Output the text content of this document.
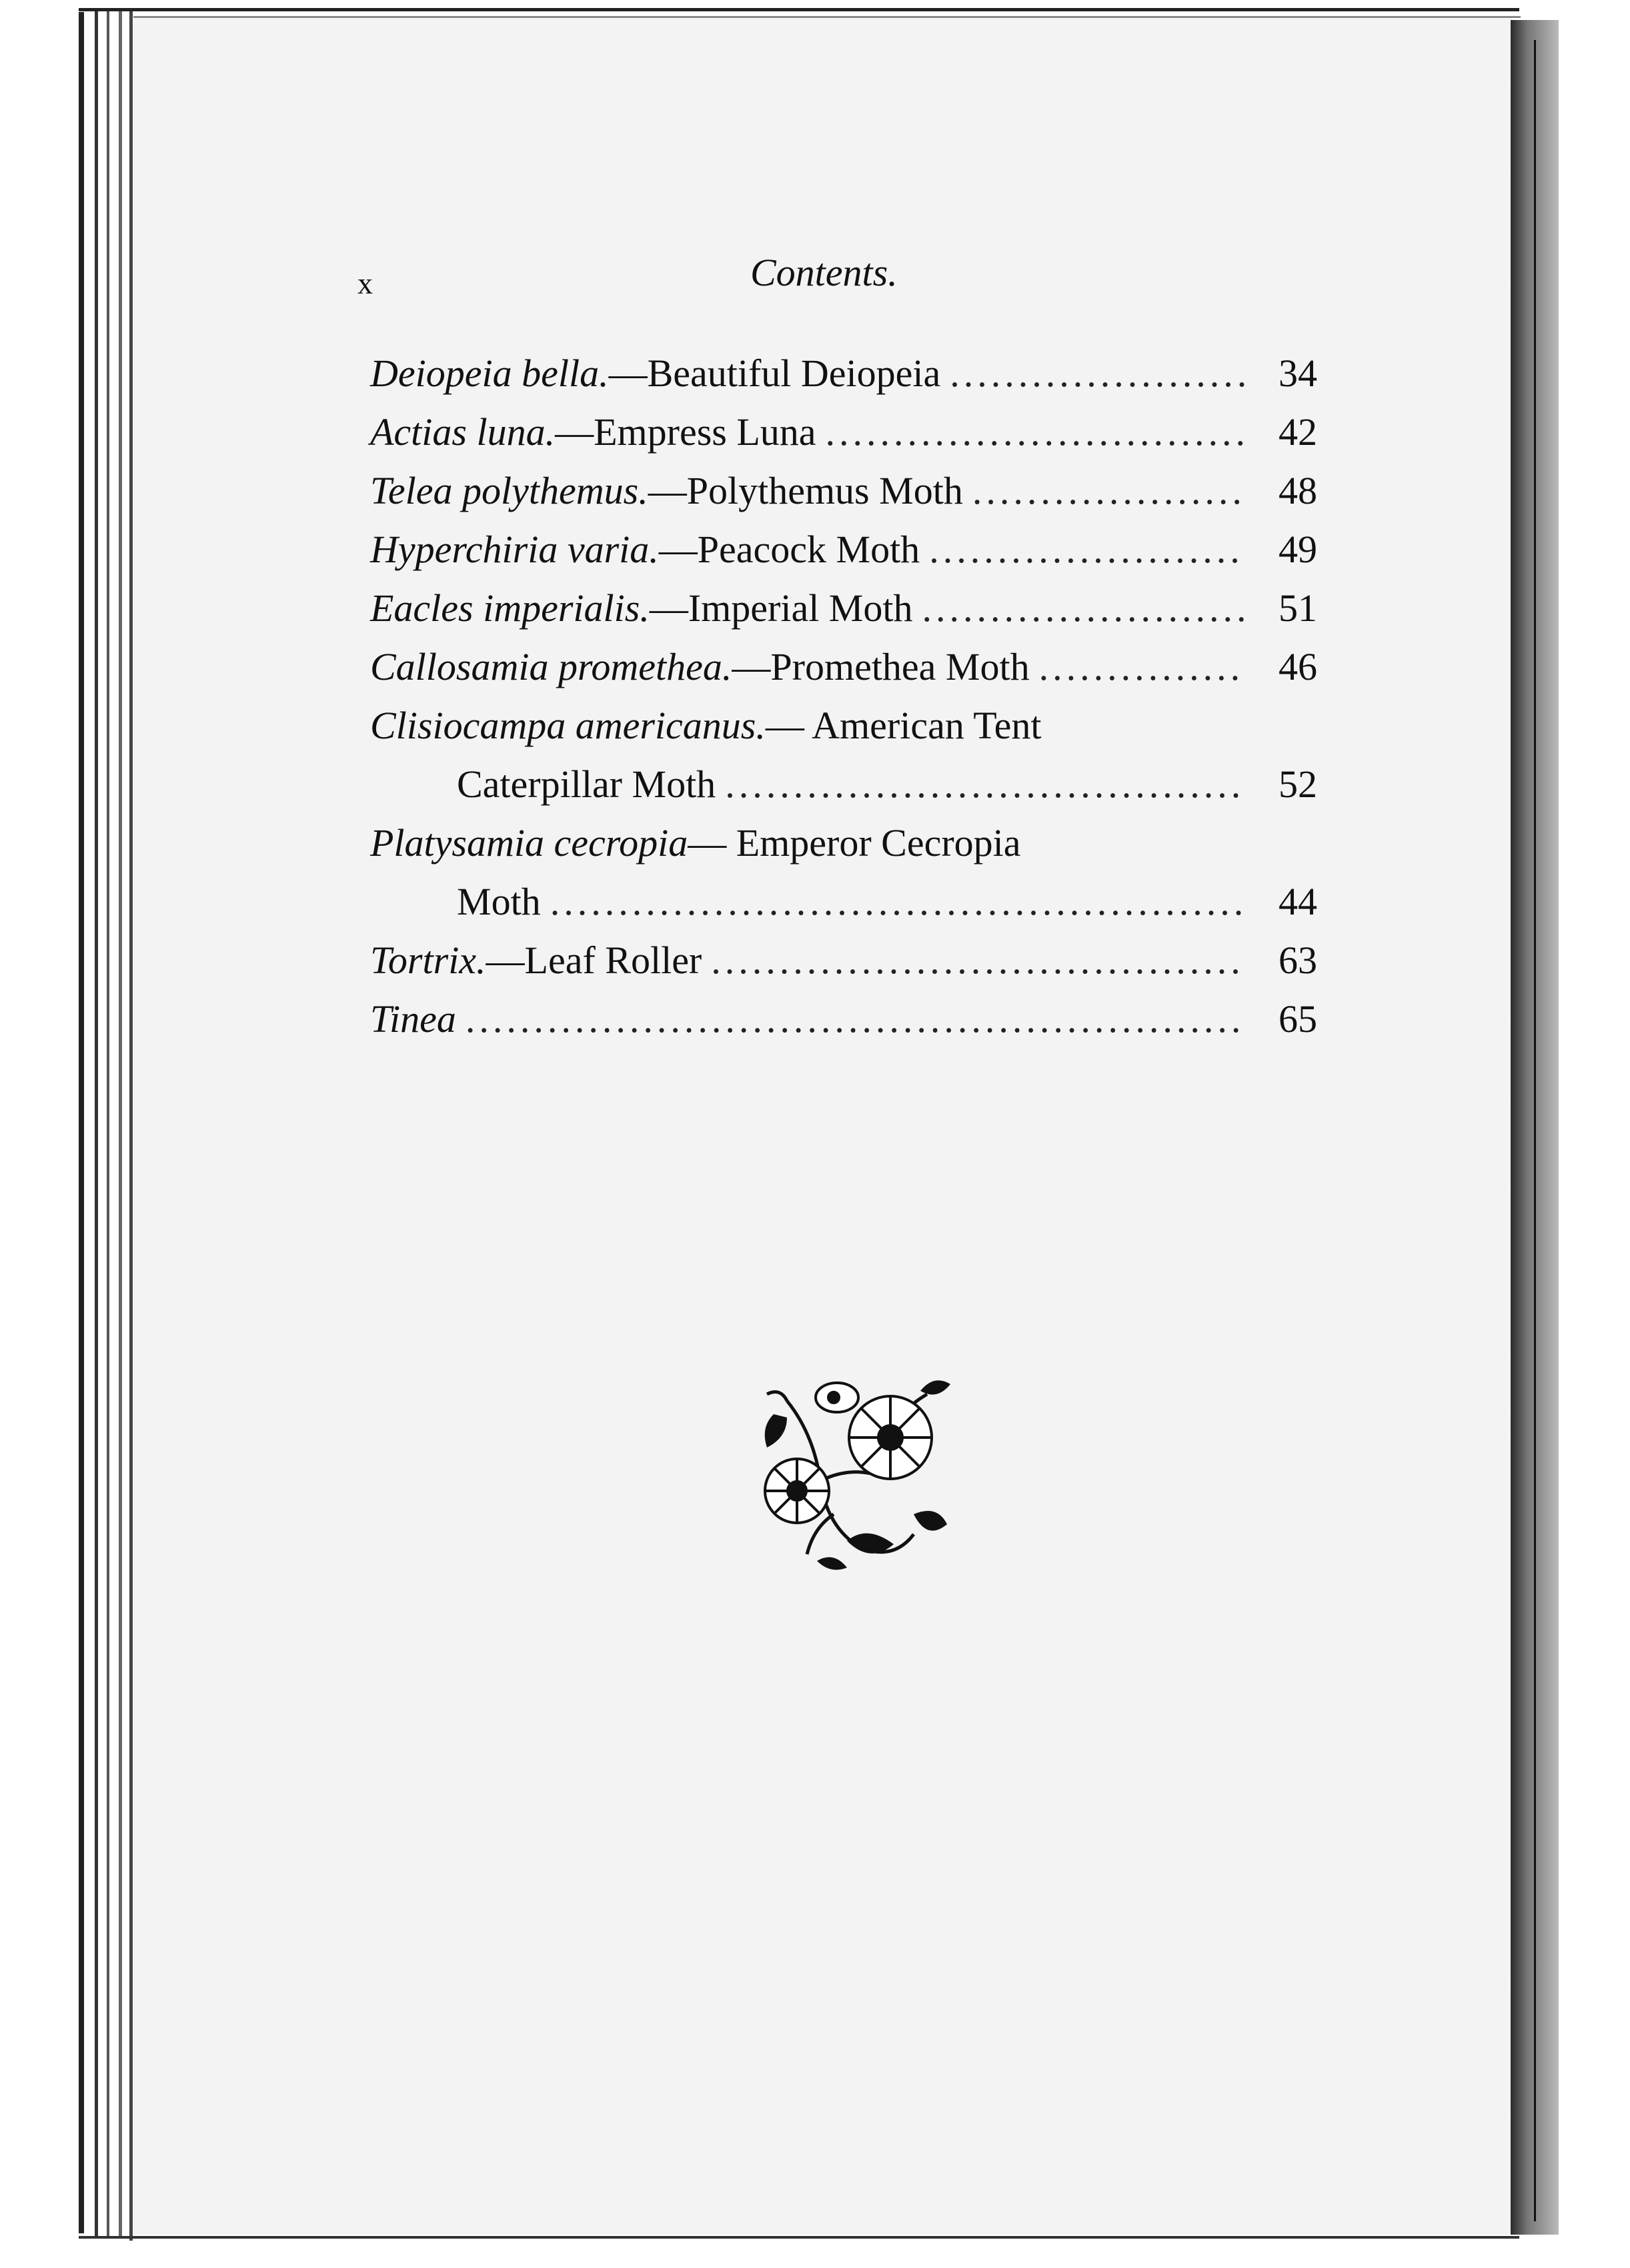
x	Contents.
Deiopeia bella. —Beautiful Deiopeia .....	34
Actias luna. —Empress Luna .....	42
Telea polythemus. —Polythemus Moth .....	48
Hyperchiria varia. —Peacock Moth .....	49
Eacles imperialis. —Imperial Moth .....	51
Callosamia promethea. —Promethea Moth .....	46
Clisiocampa americanus. — American Tent
Caterpillar Moth .....	52
Platysamia cecropia — Emperor Cecropia
Moth .....	44
Tortrix. —Leaf Roller .....	63
Tinea .....	65
